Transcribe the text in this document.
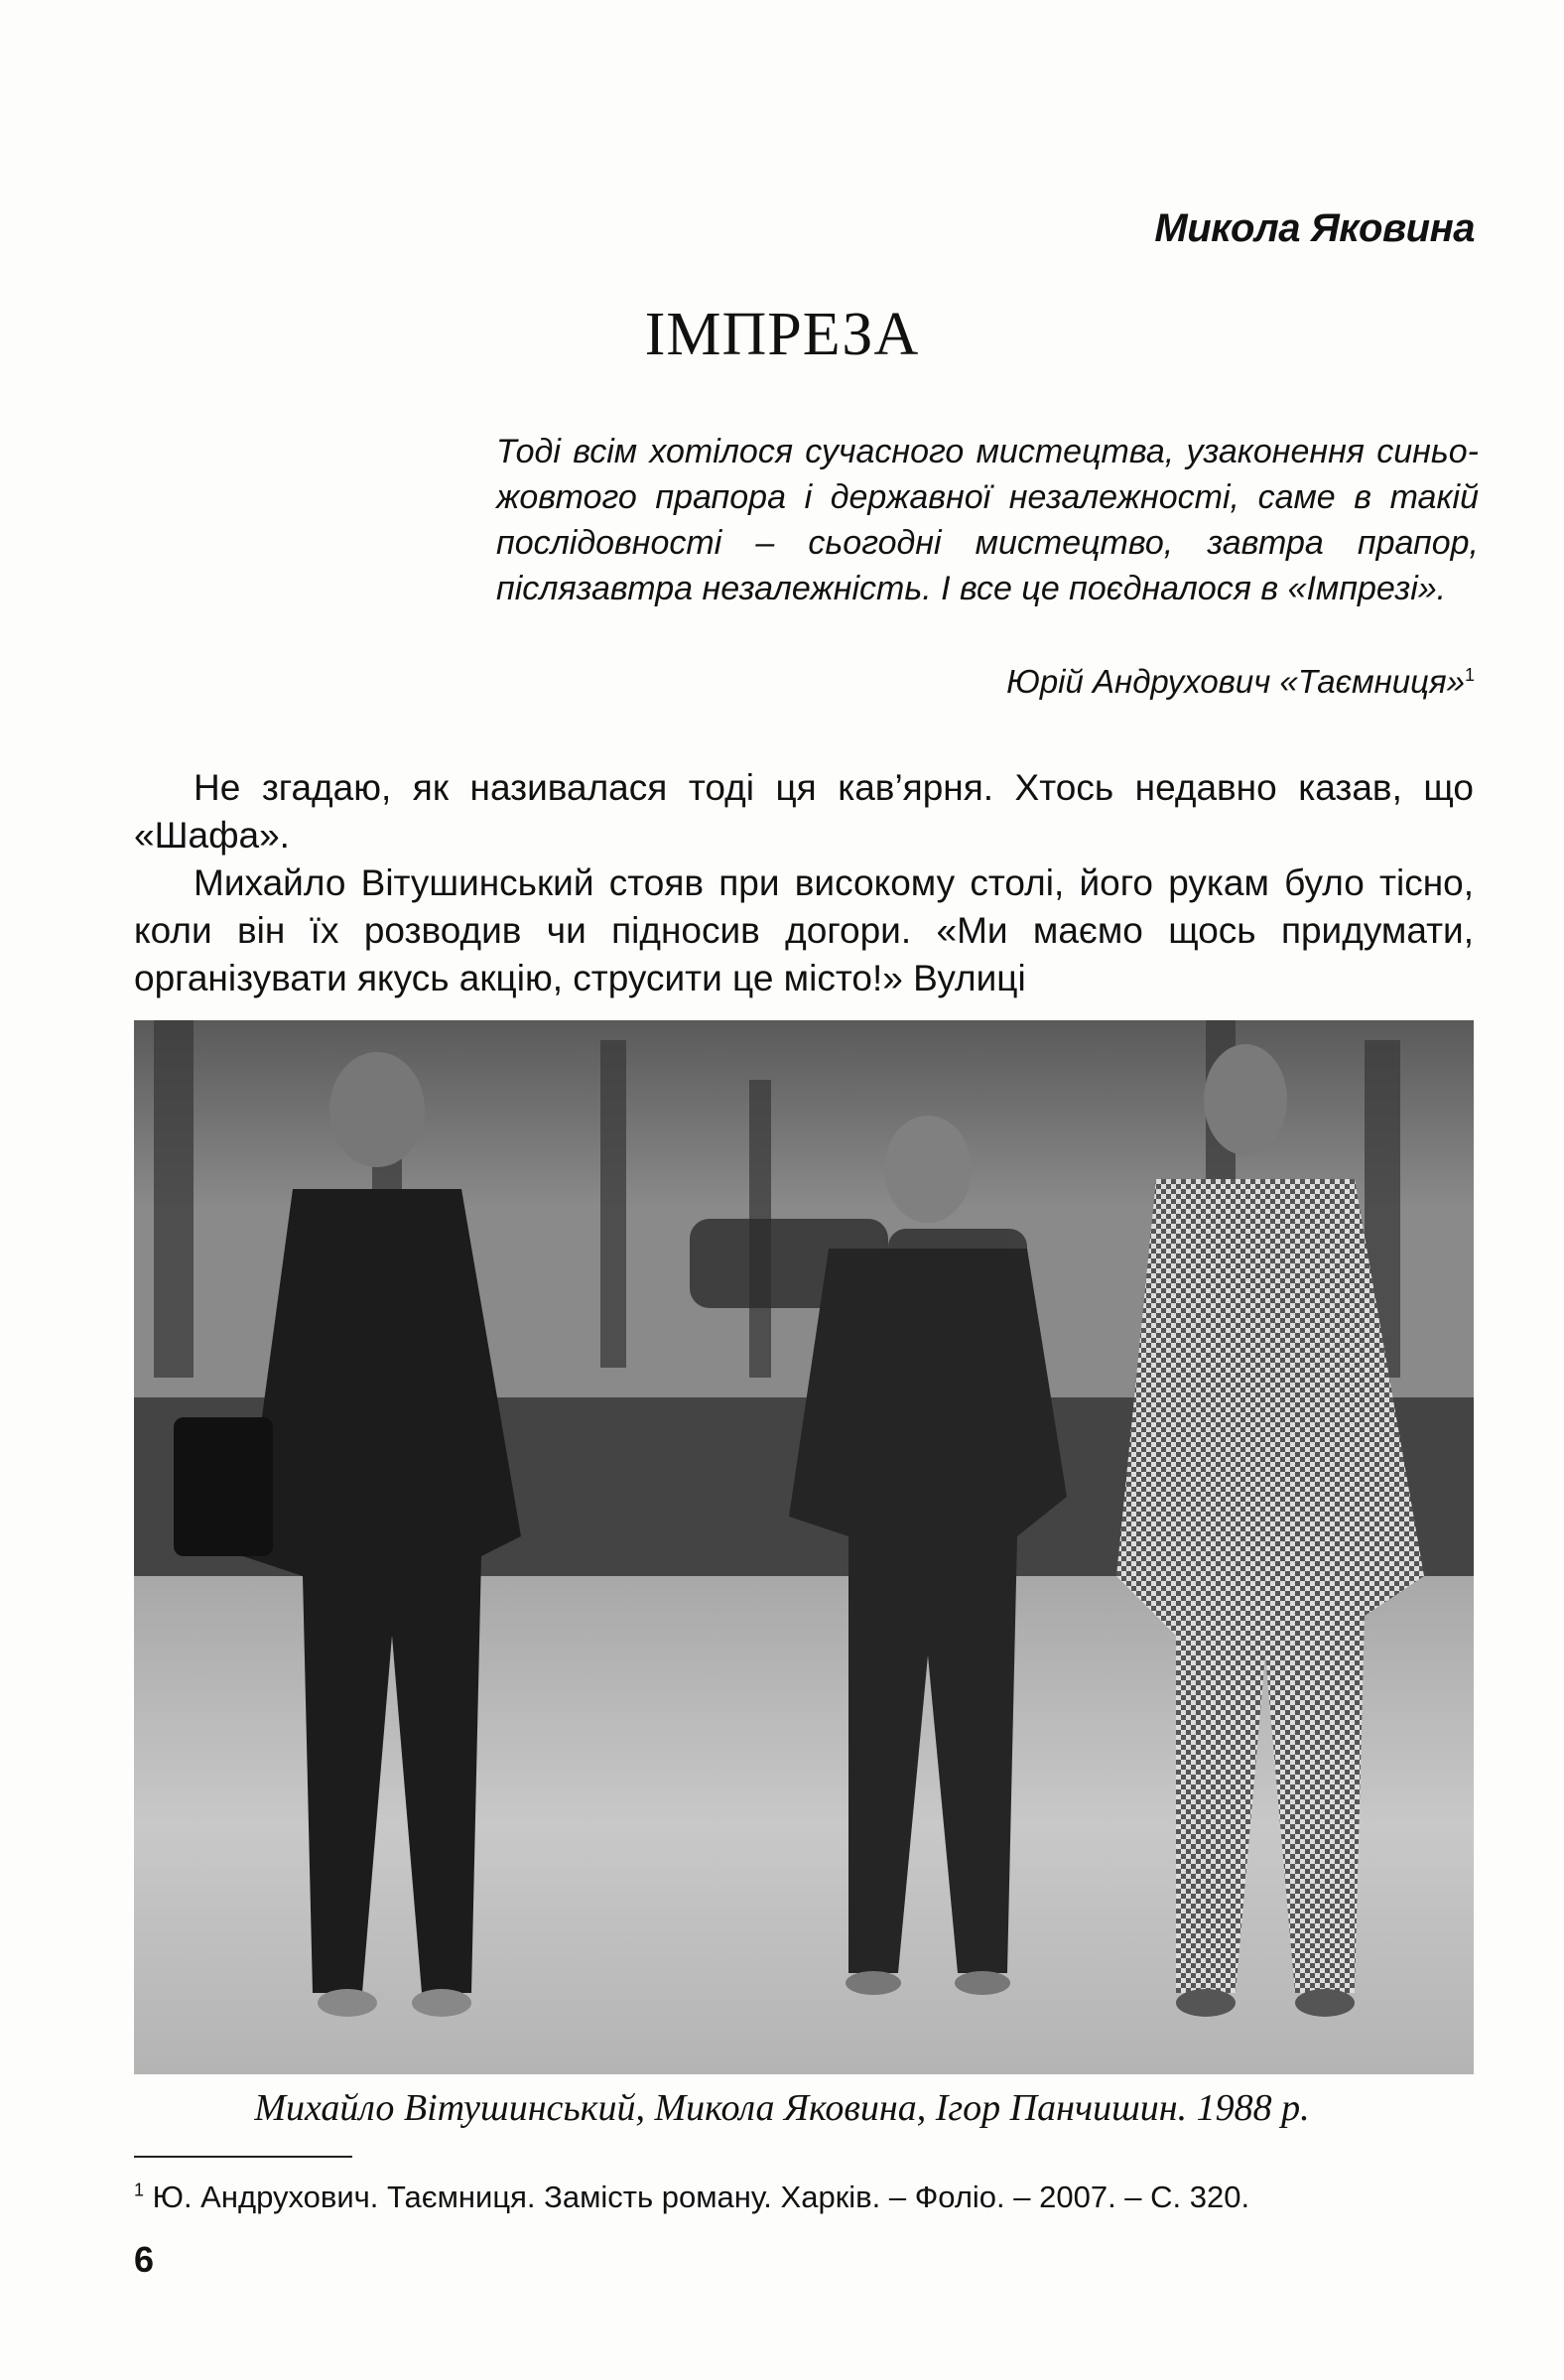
Микола Яковина
ІМПРЕЗА
Тоді всім хотілося сучасного мистецтва, узаконення синьо-жовтого прапора і державної незалежності, саме в такій послідовності – сьогодні мистецтво, завтра прапор, післязавтра незалежність. І все це поєдналося в «Імпрезі».
Юрій Андрухович «Таємниця»$^1$

Не згадаю, як називалася тоді ця кав’ярня. Хтось недавно казав, що «Шафа».

Михайло Вітушинський стояв при високому столі, його рукам було тісно, коли він їх розводив чи підносив догори. «Ми маємо щось придумати, організувати якусь акцію, струсити це місто!» Вулиці

Михайло Вітушинський, Микола Яковина, Ігор Панчишин. 1988 р.
$^1$ Ю. Андрухович. Таємниця. Замість роману. Харків. – Фоліо. – 2007. – С. 320.
6
